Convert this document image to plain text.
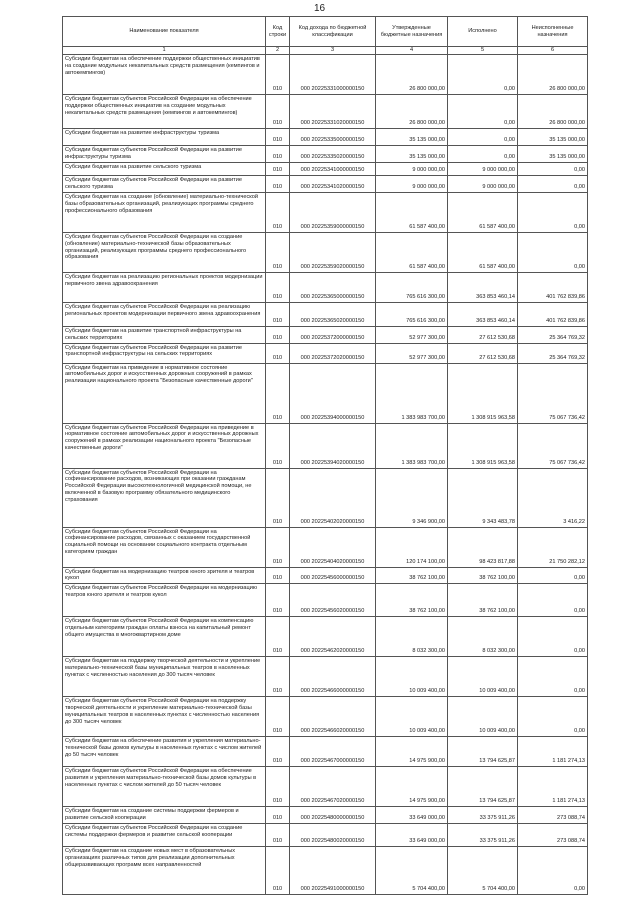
16
Наименование показателя	Код строки	Код дохода по бюджетной классификации	Утвержденные бюджетные назначения	Исполнено	Неисполненные назначения
1	2	3	4	5	6
Субсидии бюджетам на обеспечение поддержки общественных инициатив на создание модульных некапитальных средств размещения (кемпингов и автокемпингов)	010	000 20225331000000150	26 800 000,00	0,00	26 800 000,00
Субсидии бюджетам субъектов Российской Федерации на обеспечение поддержки общественных инициатив на создание модульных некапитальных средств размещения (кемпингов и автокемпингов)	010	000 20225331020000150	26 800 000,00	0,00	26 800 000,00
Субсидии бюджетам на развитие инфраструктуры туризма	010	000 20225335000000150	35 135 000,00	0,00	35 135 000,00
Субсидии бюджетам субъектов Российской Федерации на развитие инфраструктуры туризма	010	000 20225335020000150	35 135 000,00	0,00	35 135 000,00
Субсидии бюджетам на развитие сельского туризма	010	000 20225341000000150	9 000 000,00	9 000 000,00	0,00
Субсидии бюджетам субъектов Российской Федерации на развитие сельского туризма	010	000 20225341020000150	9 000 000,00	9 000 000,00	0,00
Субсидии бюджетам на создание (обновление) материально-технической базы образовательных организаций, реализующих программы среднего профессионального образования	010	000 20225359000000150	61 587 400,00	61 587 400,00	0,00
Субсидии бюджетам субъектов Российской Федерации на создание (обновление) материально-технической базы образовательных организаций, реализующих программы среднего профессионального образования	010	000 20225359020000150	61 587 400,00	61 587 400,00	0,00
Субсидии бюджетам на реализацию региональных проектов модернизации первичного звена здравоохранения	010	000 20225365000000150	765 616 300,00	363 853 460,14	401 762 839,86
Субсидии бюджетам субъектов Российской Федерации на реализацию региональных проектов модернизации первичного звена здравоохранения	010	000 20225365020000150	765 616 300,00	363 853 460,14	401 762 839,86
Субсидии бюджетам на развитие транспортной инфраструктуры на сельских территориях	010	000 20225372000000150	52 977 300,00	27 612 530,68	25 364 769,32
Субсидии бюджетам субъектов Российской Федерации на развитие транспортной инфраструктуры на сельских территориях	010	000 20225372020000150	52 977 300,00	27 612 530,68	25 364 769,32
Субсидии бюджетам на приведение в нормативное состояние автомобильных дорог и искусственных дорожных сооружений в рамках реализации национального проекта "Безопасные качественные дороги"	010	000 20225394000000150	1 383 983 700,00	1 308 915 963,58	75 067 736,42
Субсидии бюджетам субъектов Российской Федерации на приведение в нормативное состояние автомобильных дорог и искусственных дорожных сооружений в рамках реализации национального проекта "Безопасные качественные дороги"	010	000 20225394020000150	1 383 983 700,00	1 308 915 963,58	75 067 736,42
Субсидии бюджетам субъектов Российской Федерации на софинансирование расходов, возникающих при оказании гражданам Российской Федерации высокотехнологичной медицинской помощи, не включенной в базовую программу обязательного медицинского страхования	010	000 20225402020000150	9 346 900,00	9 343 483,78	3 416,22
Субсидии бюджетам субъектов Российской Федерации на софинансирование расходов, связанных с оказанием государственной социальной помощи на основании социального контракта отдельным категориям граждан	010	000 20225404020000150	120 174 100,00	98 423 817,88	21 750 282,12
Субсидии бюджетам на модернизацию театров юного зрителя и театров кукол	010	000 20225456000000150	38 762 100,00	38 762 100,00	0,00
Субсидии бюджетам субъектов Российской Федерации на модернизацию театров юного зрителя и театров кукол	010	000 20225456020000150	38 762 100,00	38 762 100,00	0,00
Субсидии бюджетам субъектов Российской Федерации на компенсацию отдельным категориям граждан оплаты взноса на капитальный ремонт общего имущества в многоквартирном доме	010	000 20225462020000150	8 032 300,00	8 032 300,00	0,00
Субсидии бюджетам на поддержку творческой деятельности и укрепление материально-технической базы муниципальных театров в населенных пунктах с численностью населения до 300 тысяч человек	010	000 20225466000000150	10 009 400,00	10 009 400,00	0,00
Субсидии бюджетам субъектов Российской Федерации на поддержку творческой деятельности и укрепление материально-технической базы муниципальных театров в населенных пунктах с численностью населения до 300 тысяч человек	010	000 20225466020000150	10 009 400,00	10 009 400,00	0,00
Субсидии бюджетам на обеспечение развития и укрепления материально-технической базы домов культуры в населенных пунктах с числом жителей до 50 тысяч человек	010	000 20225467000000150	14 975 900,00	13 794 625,87	1 181 274,13
Субсидии бюджетам субъектов Российской Федерации на обеспечение развития и укрепления материально-технической базы домов культуры в населенных пунктах с числом жителей до 50 тысяч человек	010	000 20225467020000150	14 975 900,00	13 794 625,87	1 181 274,13
Субсидии бюджетам на создание системы поддержки фермеров и развитие сельской кооперации	010	000 20225480000000150	33 649 000,00	33 375 911,26	273 088,74
Субсидии бюджетам субъектов Российской Федерации на создание системы поддержки фермеров и развитие сельской кооперации	010	000 20225480020000150	33 649 000,00	33 375 911,26	273 088,74
Субсидии бюджетам на создание новых мест в образовательных организациях различных типов для реализации дополнительных общеразвивающих программ всех направленностей	010	000 20225491000000150	5 704 400,00	5 704 400,00	0,00
